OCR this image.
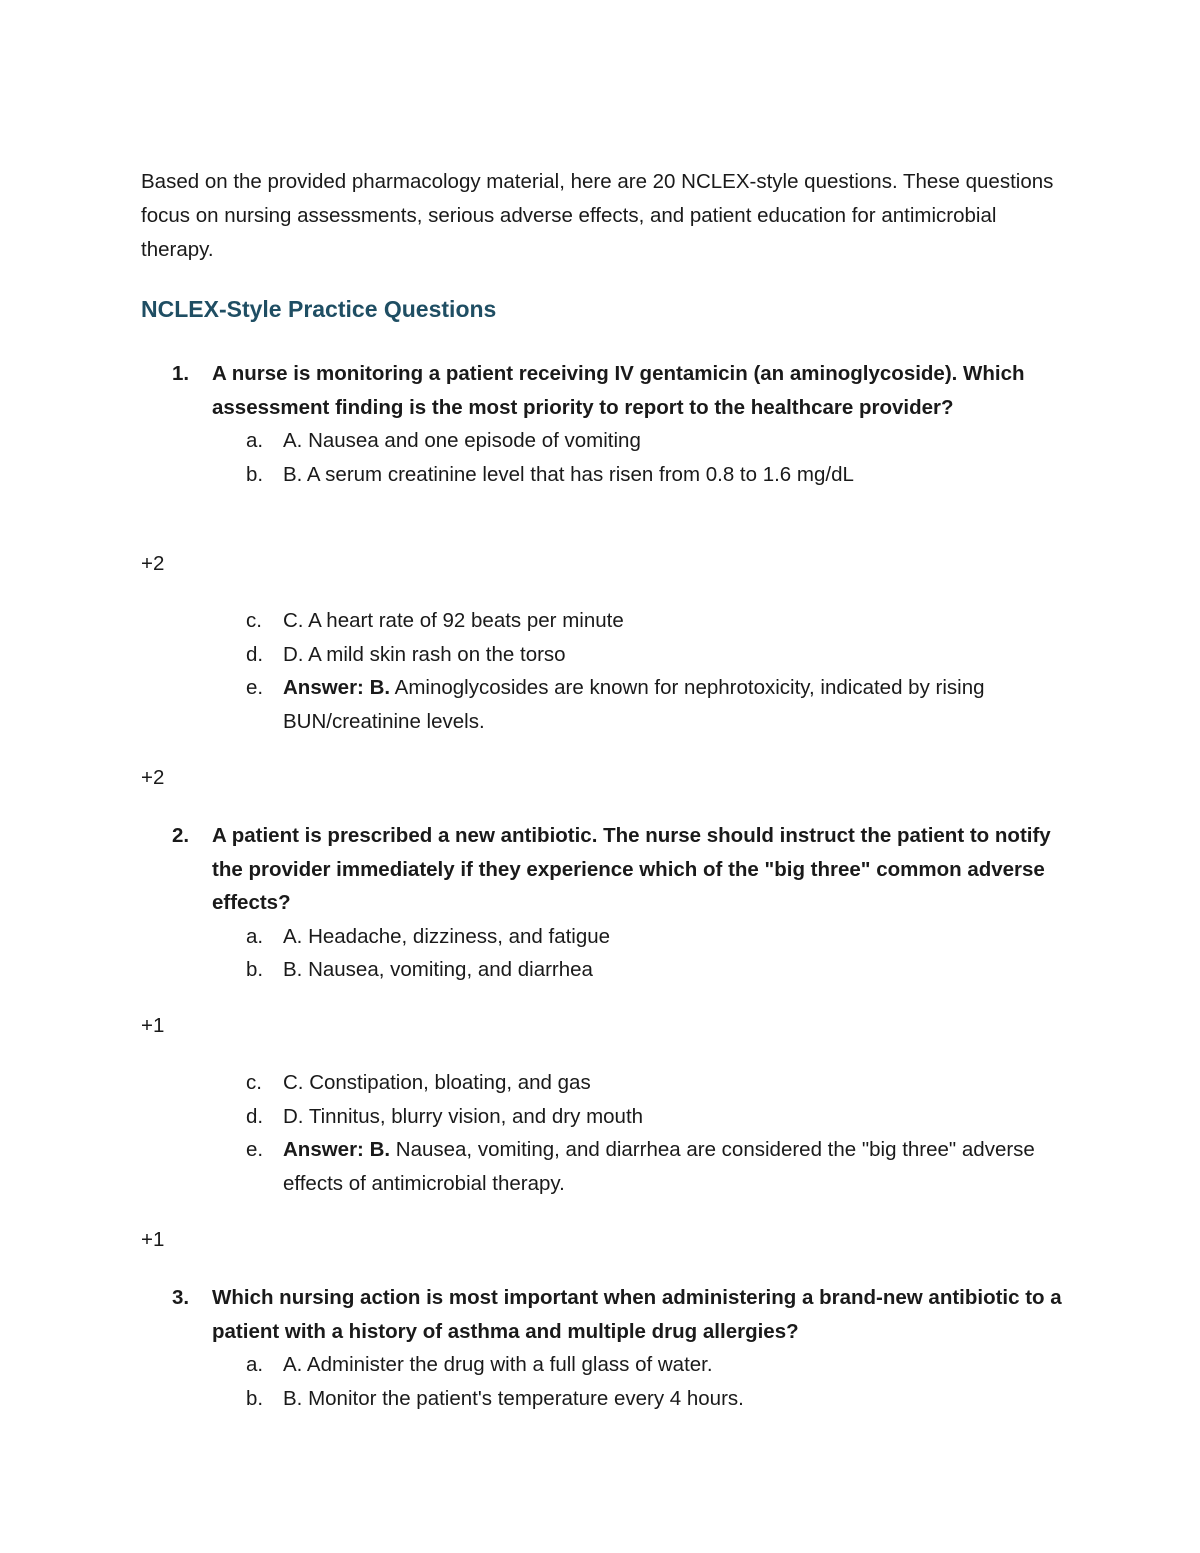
Based on the provided pharmacology material, here are 20 NCLEX-style questions. These questions focus on nursing assessments, serious adverse effects, and patient education for antimicrobial therapy.

NCLEX-Style Practice Questions

1. A nurse is monitoring a patient receiving IV gentamicin (an aminoglycoside). Which assessment finding is the most priority to report to the healthcare provider?

a. A. Nausea and one episode of vomiting

b. B. A serum creatinine level that has risen from 0.8 to 1.6 mg/dL

+2

c. C. A heart rate of 92 beats per minute

d. D. A mild skin rash on the torso

e. Answer: B. Aminoglycosides are known for nephrotoxicity, indicated by rising BUN/creatinine levels.

+2

2. A patient is prescribed a new antibiotic. The nurse should instruct the patient to notify the provider immediately if they experience which of the "big three" common adverse effects?

a. A. Headache, dizziness, and fatigue

b. B. Nausea, vomiting, and diarrhea

+1

c. C. Constipation, bloating, and gas

d. D. Tinnitus, blurry vision, and dry mouth

e. Answer: B. Nausea, vomiting, and diarrhea are considered the "big three" adverse effects of antimicrobial therapy.

+1

3. Which nursing action is most important when administering a brand-new antibiotic to a patient with a history of asthma and multiple drug allergies?

a. A. Administer the drug with a full glass of water.

b. B. Monitor the patient's temperature every 4 hours.
